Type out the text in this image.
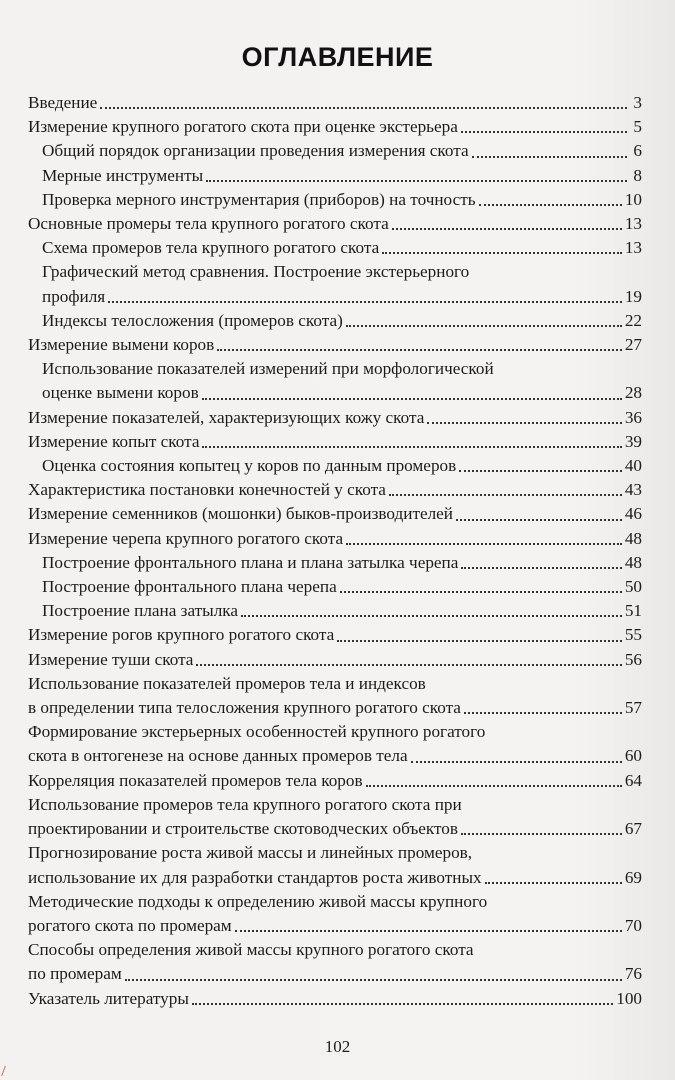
ОГЛАВЛЕНИЕ
Введение	3
Измерение крупного рогатого скота при оценке экстерьера	5
Общий порядок организации проведения измерения скота	6
Мерные инструменты	8
Проверка мерного инструментария (приборов) на точность	10
Основные промеры тела крупного рогатого скота	13
Схема промеров тела крупного рогатого скота	13
Графический метод сравнения. Построение экстерьерного
профиля	19
Индексы телосложения (промеров скота)	22
Измерение вымени коров	27
Использование показателей измерений при морфологической
оценке вымени коров	28
Измерение показателей, характеризующих кожу скота	36
Измерение копыт скота	39
Оценка состояния копытец у коров по данным промеров	40
Характеристика постановки конечностей у скота	43
Измерение семенников (мошонки) быков-производителей	46
Измерение черепа крупного рогатого скота	48
Построение фронтального плана и плана затылка черепа	48
Построение фронтального плана черепа	50
Построение плана затылка	51
Измерение рогов крупного рогатого скота	55
Измерение туши скота	56
Использование показателей промеров тела и индексов
в определении типа телосложения крупного рогатого скота	57
Формирование экстерьерных особенностей крупного рогатого
скота в онтогенезе на основе данных промеров тела	60
Корреляция показателей промеров тела коров	64
Использование промеров тела крупного рогатого скота при
проектировании и строительстве скотоводческих объектов	67
Прогнозирование роста живой массы и линейных промеров,
использование их для разработки стандартов роста животных	69
Методические подходы к определению живой массы крупного
рогатого скота по промерам	70
Способы определения живой массы крупного рогатого скота
по промерам	76
Указатель литературы	100
102
